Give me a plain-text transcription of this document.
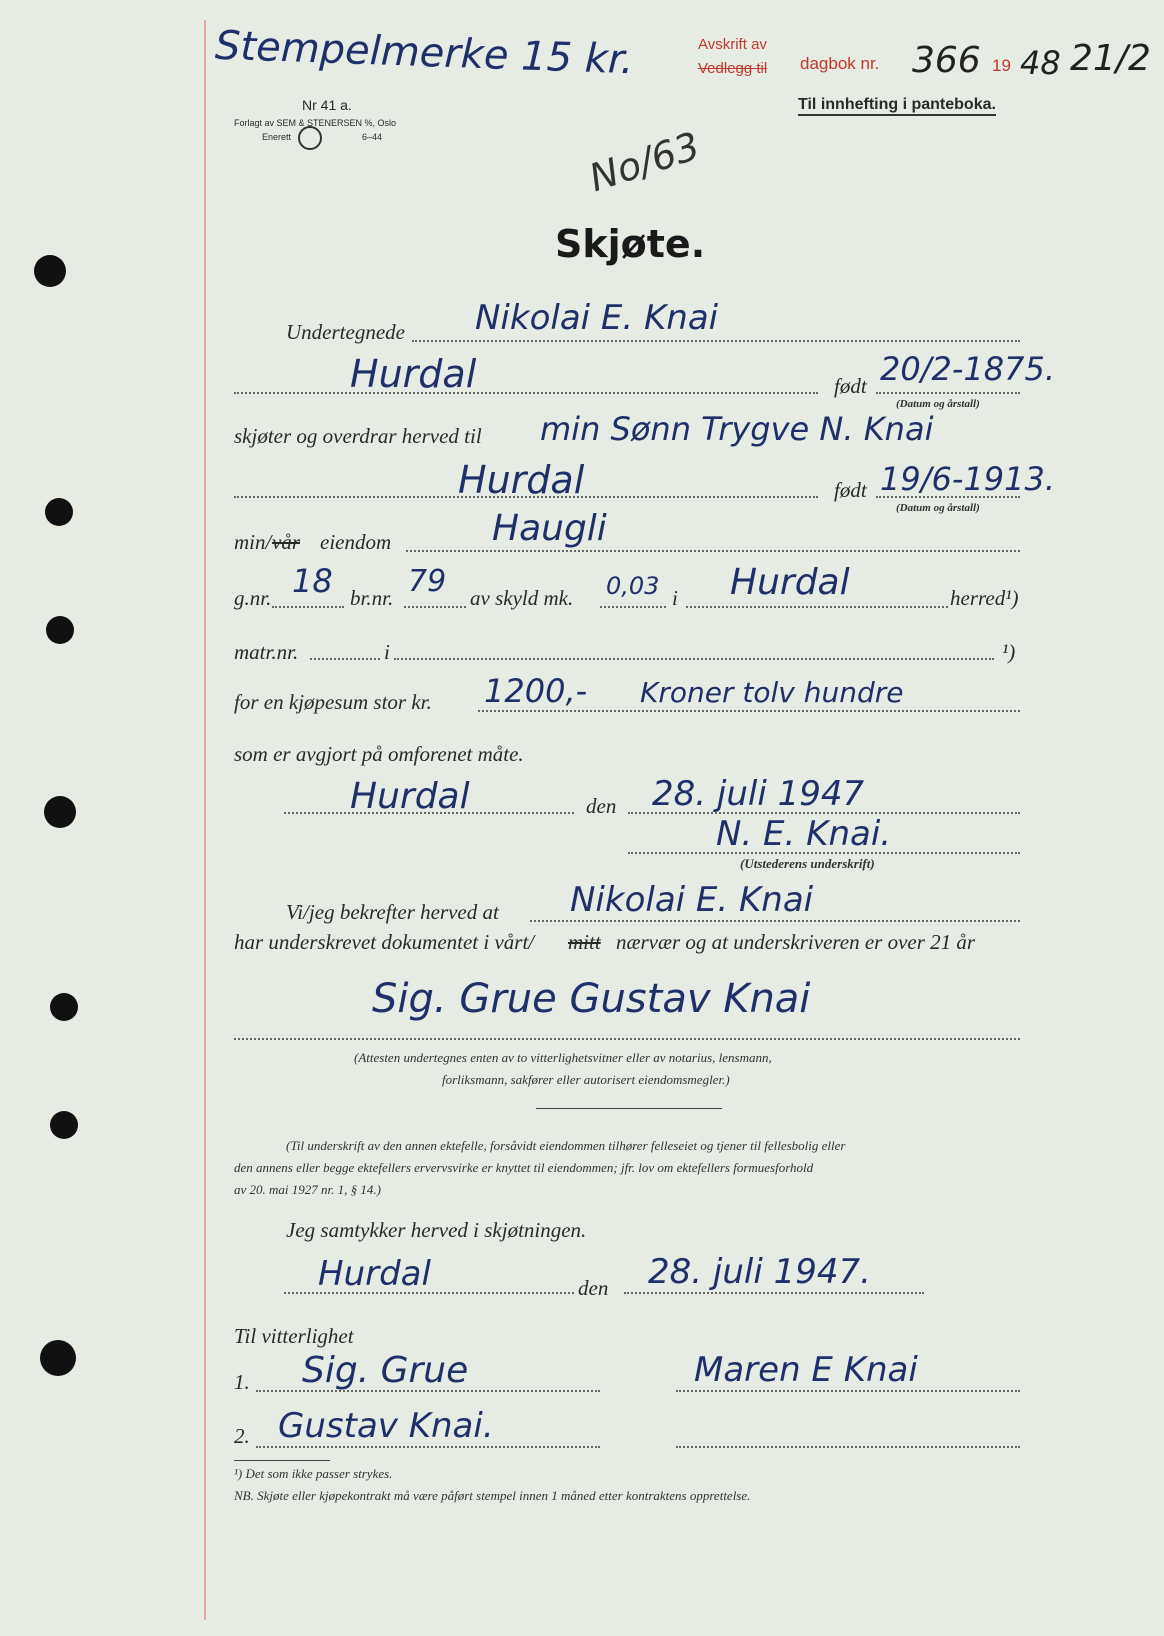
Stempelmerke 15 kr.	Avskrift av
Vedlegg til dagbok nr. 366 19 48 21/2
Til innhefting i panteboka.
Nr 41 a.
Forlagt av SEM & STENERSEN %, Oslo
Enerett	6–44	No/63
Skjøte.
Undertegnede Nikolai E. Knai
Hurdal	født 20/2-1875.
(Datum og årstall)
skjøter og overdrar herved til min Sønn Trygve N. Knai
Hurdal	født 19/6-1913.
(Datum og årstall)
min/ vår eiendom	Haugli
g.nr. 18 br.nr. 79 av skyld mk. 0,03 i Hurdal	herred¹)
matr.nr.	i	¹)
for en kjøpesum stor kr. 1200,- Kroner tolv hundre
som er avgjort på omforenet måte.
Hurdal	den 28. juli 1947
N. E. Knai.
(Utstederens underskrift)
Vi/jeg bekrefter herved at Nikolai E. Knai
har underskrevet dokumentet i vårt/ mitt nærvær og at underskriveren er over 21 år
Sig. Grue Gustav Knai
(Attesten undertegnes enten av to vitterlighetsvitner eller av notarius, lensmann,
forliksmann, sakfører eller autorisert eiendomsmegler.)
(Til underskrift av den annen ektefelle, forsåvidt eiendommen tilhører felleseiet og tjener til fellesbolig eller
den annens eller begge ektefellers ervervsvirke er knyttet til eiendommen; jfr. lov om ektefellers formuesforhold
av 20. mai 1927 nr. 1, § 14.)
Jeg samtykker herved i skjøtningen.
Hurdal	den 28. juli 1947.
Til vitterlighet
1. Sig. Grue	Maren E Knai
2. Gustav Knai.
¹) Det som ikke passer strykes.
NB. Skjøte eller kjøpekontrakt må være påført stempel innen 1 måned etter kontraktens opprettelse.
